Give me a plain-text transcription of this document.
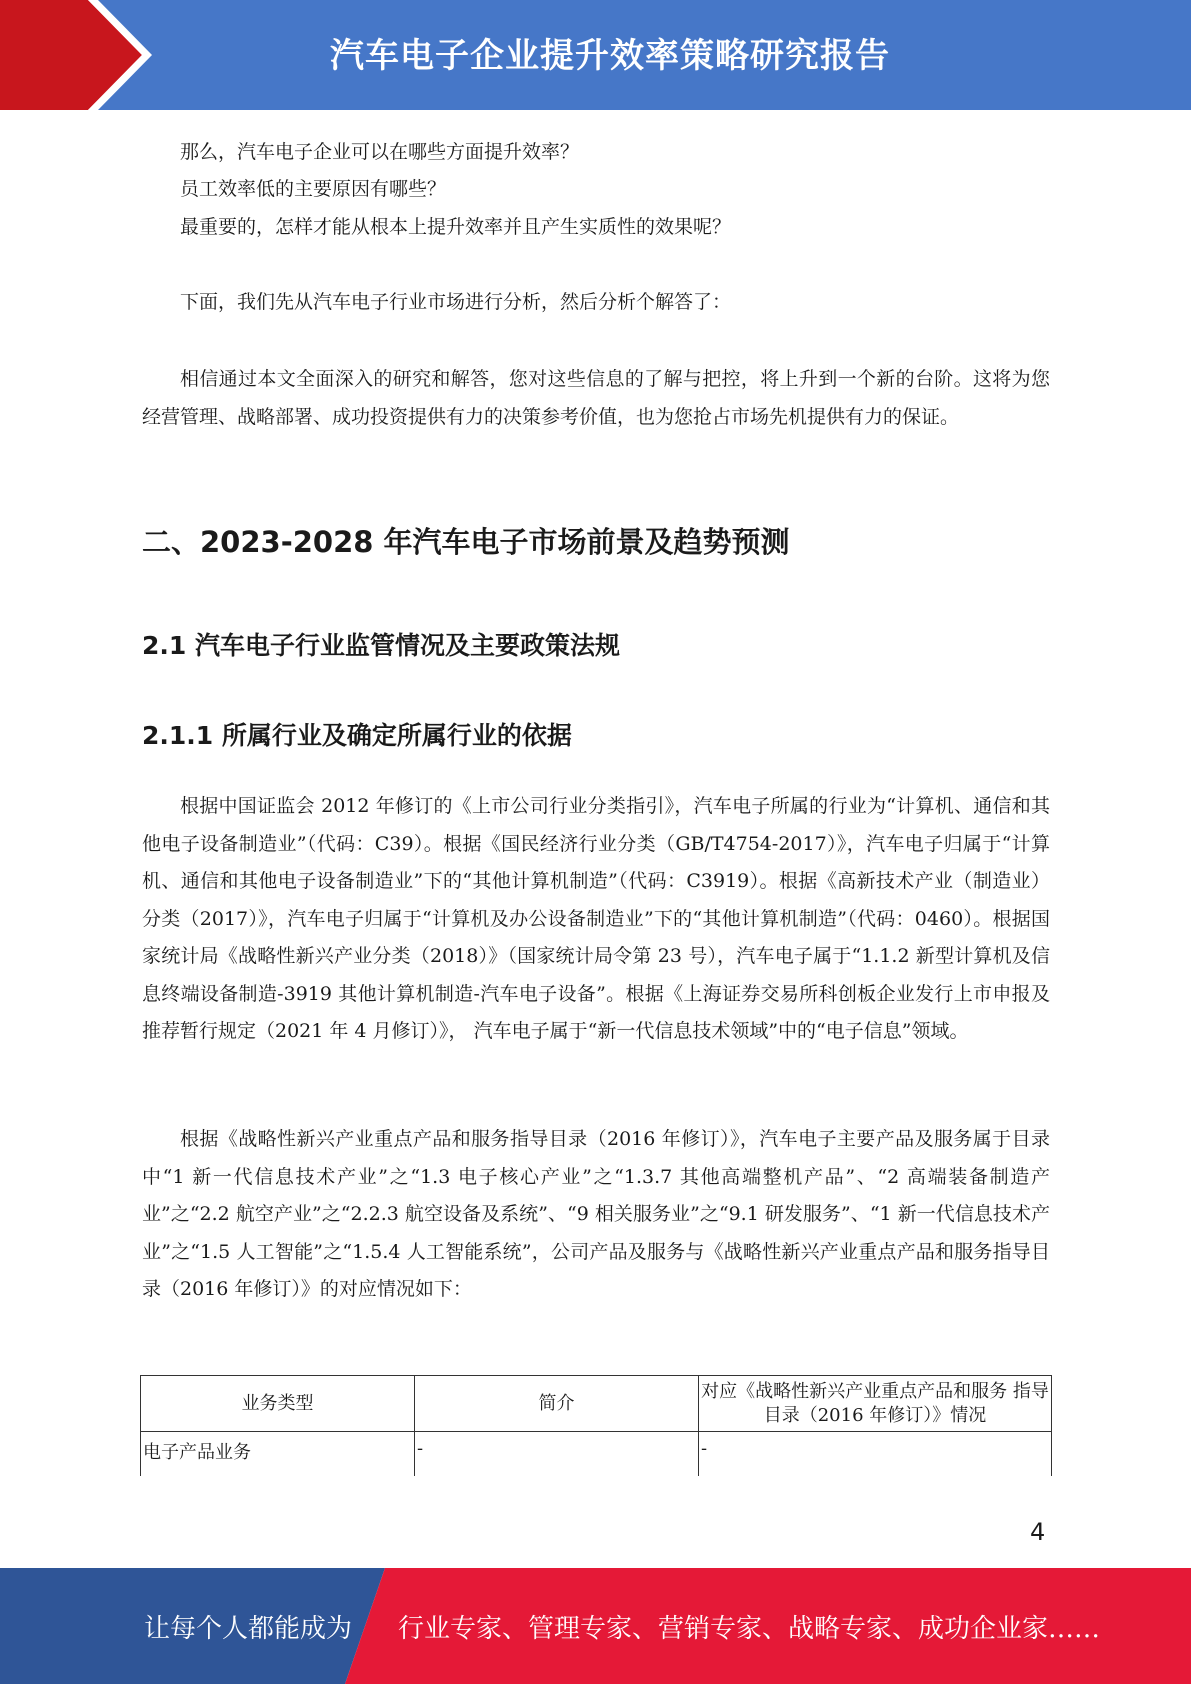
汽车电子企业提升效率策略研究报告
那么，汽车电子企业可以在哪些方面提升效率？
员工效率低的主要原因有哪些？
最重要的，怎样才能从根本上提升效率并且产生实质性的效果呢？
下面，我们先从汽车电子行业市场进行分析，然后分析个解答了：
相信通过本文全面深入的研究和解答，您对这些信息的了解与把控，将上升到一个新的台阶。这将为您经营管理、战略部署、成功投资提供有力的决策参考价值，也为您抢占市场先机提供有力的保证。
二、2023-2028 年汽车电子市场前景及趋势预测
2.1 汽车电子行业监管情况及主要政策法规
2.1.1 所属行业及确定所属行业的依据
根据中国证监会 2012 年修订的《上市公司行业分类指引》，汽车电子所属的行业为“计算机、通信和其他电子设备制造业”（代码：C39）。根据《国民经济行业分类（GB/T4754-2017）》，汽车电子归属于“计算机、通信和其他电子设备制造业”下的“其他计算机制造”（代码：C3919）。根据《高新技术产业（制造业）分类（2017）》，汽车电子归属于“计算机及办公设备制造业”下的“其他计算机制造”（代码：0460）。根据国家统计局《战略性新兴产业分类（2018）》（国家统计局令第 23 号），汽车电子属于“1.1.2 新型计算机及信息终端设备制造-3919 其他计算机制造-汽车电子设备”。根据《上海证券交易所科创板企业发行上市申报及推荐暂行规定（2021 年 4 月修订）》， 汽车电子属于“新一代信息技术领域”中的“电子信息”领域。
根据《战略性新兴产业重点产品和服务指导目录（2016 年修订）》，汽车电子主要产品及服务属于目录中“1 新一代信息技术产业”之“1.3 电子核心产业”之“1.3.7 其他高端整机产品”、“2 高端装备制造产业”之“2.2 航空产业”之“2.2.3 航空设备及系统”、“9 相关服务业”之“9.1 研发服务”、“1 新一代信息技术产业”之“1.5 人工智能”之“1.5.4 人工智能系统”，公司产品及服务与《战略性新兴产业重点产品和服务指导目录（2016 年修订）》的对应情况如下：
业务类型	简介	对应《战略性新兴产业重点产品和服务 指导目录（2016 年修订）》情况
电子产品业务	-	-
4
让每个人都能成为 行业专家、管理专家、营销专家、战略专家、成功企业家……
